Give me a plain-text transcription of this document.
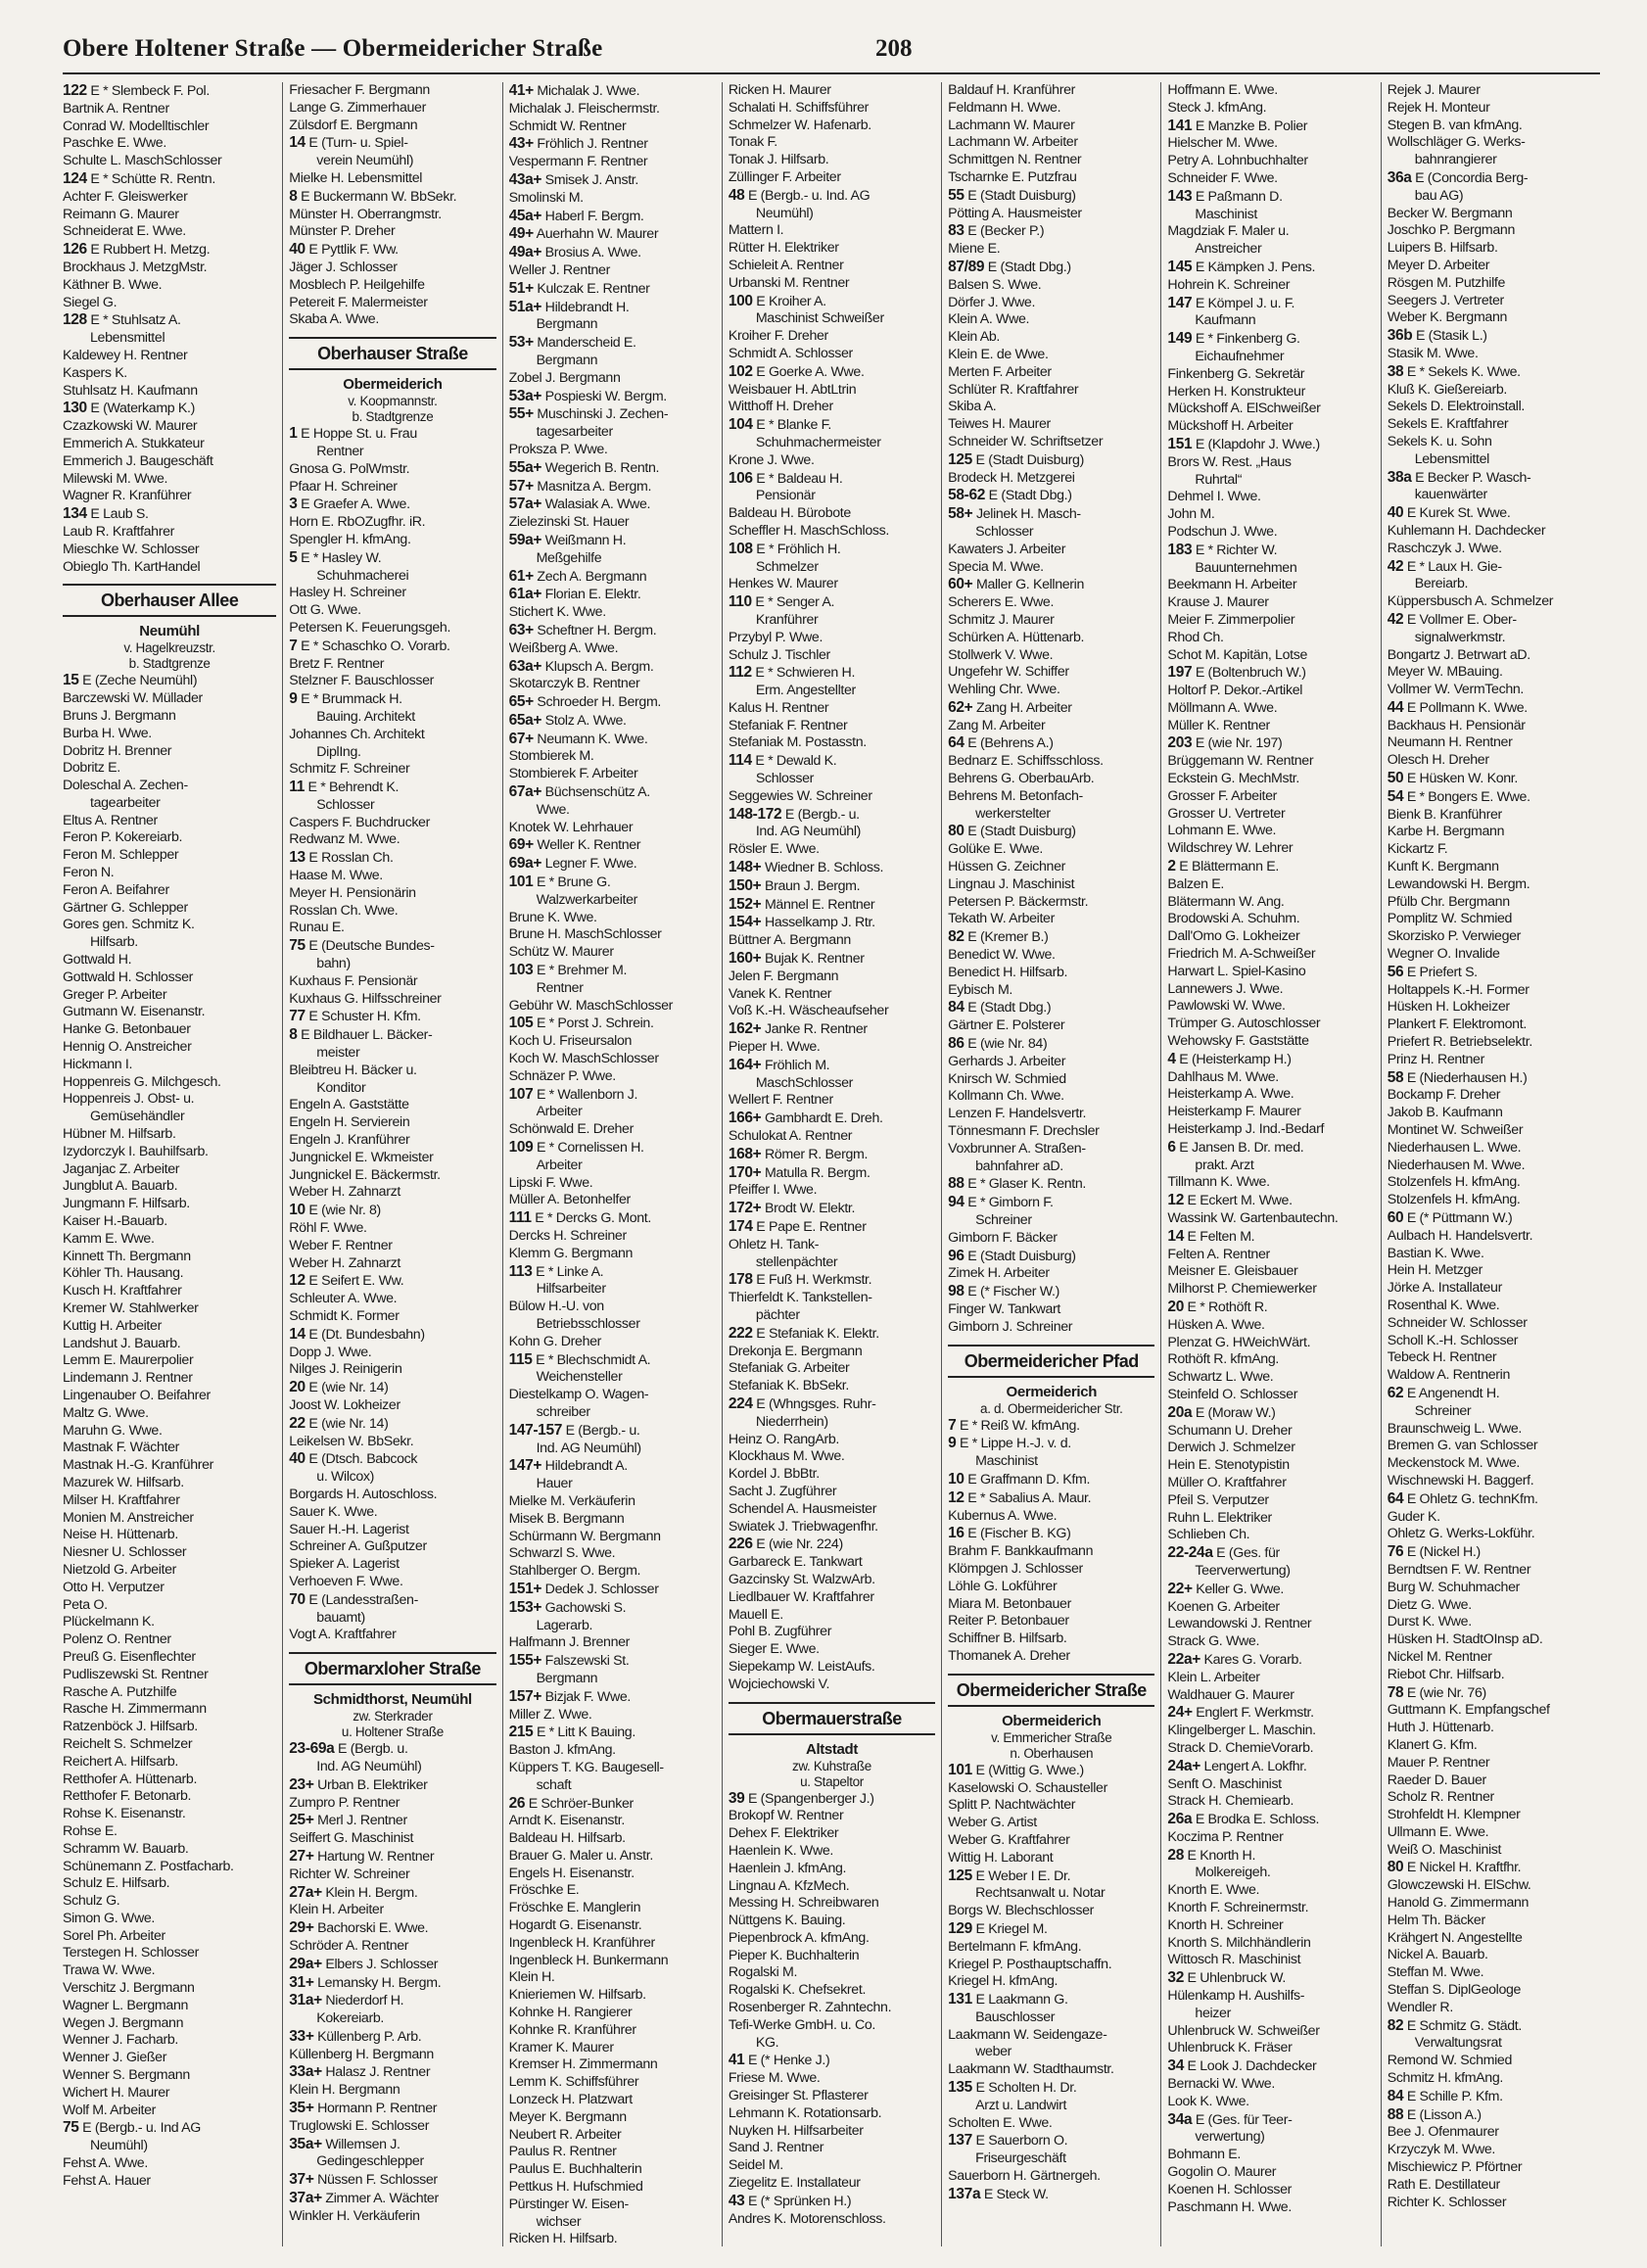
Obere Holtener Straße — Obermeidericher Straße	208
122 E * Slembeck F. Pol.
Bartnik A. Rentner
Conrad W. Modelltischler
Paschke E. Wwe.
Schulte L. MaschSchlosser
124 E * Schütte R. Rentn.
Achter F. Gleiswerker
Reimann G. Maurer
Schneiderat E. Wwe.
126 E Rubbert H. Metzg.
Brockhaus J. MetzgMstr.
Käthner B. Wwe.
Siegel G.
128 E * Stuhlsatz A.
Lebensmittel
Kaldewey H. Rentner
Kaspers K.
Stuhlsatz H. Kaufmann
130 E (Waterkamp K.)
Czazkowski W. Maurer
Emmerich A. Stukkateur
Emmerich J. Baugeschäft
Milewski M. Wwe.
Wagner R. Kranführer
134 E Laub S.
Laub R. Kraftfahrer
Mieschke W. Schlosser
Obieglo Th. KartHandel
Oberhauser Allee
Neumühl
v. Hagelkreuzstr.
b. Stadtgrenze
15 E (Zeche Neumühl)
Barczewski W. Müllader
Bruns J. Bergmann
Burba H. Wwe.
Dobritz H. Brenner
Dobritz E.
Doleschal A. Zechen-
tagearbeiter
Eltus A. Rentner
Feron P. Kokereiarb.
Feron M. Schlepper
Feron N.
Feron A. Beifahrer
Gärtner G. Schlepper
Gores gen. Schmitz K.
Hilfsarb.
Gottwald H.
Gottwald H. Schlosser
Greger P. Arbeiter
Gutmann W. Eisenanstr.
Hanke G. Betonbauer
Hennig O. Anstreicher
Hickmann I.
Hoppenreis G. Milchgesch.
Hoppenreis J. Obst- u.
Gemüsehändler
Hübner M. Hilfsarb.
Izydorczyk I. Bauhilfsarb.
Jaganjac Z. Arbeiter
Jungblut A. Bauarb.
Jungmann F. Hilfsarb.
Kaiser H.-Bauarb.
Kamm E. Wwe.
Kinnett Th. Bergmann
Köhler Th. Hausang.
Kusch H. Kraftfahrer
Kremer W. Stahlwerker
Kuttig H. Arbeiter
Landshut J. Bauarb.
Lemm E. Maurerpolier
Lindemann J. Rentner
Lingenauber O. Beifahrer
Maltz G. Wwe.
Maruhn G. Wwe.
Mastnak F. Wächter
Mastnak H.-G. Kranführer
Mazurek W. Hilfsarb.
Milser H. Kraftfahrer
Monien M. Anstreicher
Neise H. Hüttenarb.
Niesner U. Schlosser
Nietzold G. Arbeiter
Otto H. Verputzer
Peta O.
Plückelmann K.
Polenz O. Rentner
Preuß G. Eisenflechter
Pudliszewski St. Rentner
Rasche A. Putzhilfe
Rasche H. Zimmermann
Ratzenböck J. Hilfsarb.
Reichelt S. Schmelzer
Reichert A. Hilfsarb.
Retthofer A. Hüttenarb.
Retthofer F. Betonarb.
Rohse K. Eisenanstr.
Rohse E.
Schramm W. Bauarb.
Schünemann Z. Postfacharb.
Schulz E. Hilfsarb.
Schulz G.
Simon G. Wwe.
Sorel Ph. Arbeiter
Terstegen H. Schlosser
Trawa W. Wwe.
Verschitz J. Bergmann
Wagner L. Bergmann
Wegen J. Bergmann
Wenner J. Facharb.
Wenner J. Gießer
Wenner S. Bergmann
Wichert H. Maurer
Wolf M. Arbeiter
75 E (Bergb.- u. Ind AG
Neumühl)
Fehst A. Wwe.
Fehst A. Hauer
Friesacher F. Bergmann
Lange G. Zimmerhauer
Zülsdorf E. Bergmann
14 E (Turn- u. Spiel-
verein Neumühl)
Mielke H. Lebensmittel
8 E Buckermann W. BbSekr.
Münster H. Oberrangmstr.
Münster P. Dreher
40 E Pyttlik F. Ww.
Jäger J. Schlosser
Mosblech P. Heilgehilfe
Petereit F. Malermeister
Skaba A. Wwe.
Oberhauser Straße
Obermeiderich
v. Koopmannstr.
b. Stadtgrenze
1 E Hoppe St. u. Frau
Rentner
Gnosa G. PolWmstr.
Pfaar H. Schreiner
3 E Graefer A. Wwe.
Horn E. RbOZugfhr. iR.
Spengler H. kfmAng.
5 E * Hasley W.
Schuhmacherei
Hasley H. Schreiner
Ott G. Wwe.
Petersen K. Feuerungsgeh.
7 E * Schaschko O. Vorarb.
Bretz F. Rentner
Stelzner F. Bauschlosser
9 E * Brummack H.
Bauing. Architekt
Johannes Ch. Architekt
DiplIng.
Schmitz F. Schreiner
11 E * Behrendt K.
Schlosser
Caspers F. Buchdrucker
Redwanz M. Wwe.
13 E Rosslan Ch.
Haase M. Wwe.
Meyer H. Pensionärin
Rosslan Ch. Wwe.
Runau E.
75 E (Deutsche Bundes-
bahn)
Kuxhaus F. Pensionär
Kuxhaus G. Hilfsschreiner
77 E Schuster H. Kfm.
8 E Bildhauer L. Bäcker-
meister
Bleibtreu H. Bäcker u.
Konditor
Engeln A. Gaststätte
Engeln H. Servierein
Engeln J. Kranführer
Jungnickel E. Wkmeister
Jungnickel E. Bäckermstr.
Weber H. Zahnarzt
10 E (wie Nr. 8)
Röhl F. Wwe.
Weber F. Rentner
Weber H. Zahnarzt
12 E Seifert E. Ww.
Schleuter A. Wwe.
Schmidt K. Former
14 E (Dt. Bundesbahn)
Dopp J. Wwe.
Nilges J. Reinigerin
20 E (wie Nr. 14)
Joost W. Lokheizer
22 E (wie Nr. 14)
Leikelsen W. BbSekr.
40 E (Dtsch. Babcock
u. Wilcox)
Borgards H. Autoschloss.
Sauer K. Wwe.
Sauer H.-H. Lagerist
Schreiner A. Gußputzer
Spieker A. Lagerist
Verhoeven F. Wwe.
70 E (Landesstraßen-
bauamt)
Vogt A. Kraftfahrer
Obermarxloher Straße
Schmidthorst, Neumühl
zw. Sterkrader
u. Holtener Straße
23-69a E (Bergb. u.
Ind. AG Neumühl)
23+ Urban B. Elektriker
Zumpro P. Rentner
25+ Merl J. Rentner
Seiffert G. Maschinist
27+ Hartung W. Rentner
Richter W. Schreiner
27a+ Klein H. Bergm.
Klein H. Arbeiter
29+ Bachorski E. Wwe.
Schröder A. Rentner
29a+ Elbers J. Schlosser
31+ Lemansky H. Bergm.
31a+ Niederdorf H.
Kokereiarb.
33+ Küllenberg P. Arb.
Küllenberg H. Bergmann
33a+ Halasz J. Rentner
Klein H. Bergmann
35+ Hormann P. Rentner
Truglowski E. Schlosser
35a+ Willemsen J.
Gedingeschlepper
37+ Nüssen F. Schlosser
37a+ Zimmer A. Wächter
Winkler H. Verkäuferin
41+ Michalak J. Wwe.
Michalak J. Fleischermstr.
Schmidt W. Rentner
43+ Fröhlich J. Rentner
Vespermann F. Rentner
43a+ Smisek J. Anstr.
Smolinski M.
45a+ Haberl F. Bergm.
49+ Auerhahn W. Maurer
49a+ Brosius A. Wwe.
Weller J. Rentner
51+ Kulczak E. Rentner
51a+ Hildebrandt H.
Bergmann
53+ Manderscheid E.
Bergmann
Zobel J. Bergmann
53a+ Pospieski W. Bergm.
55+ Muschinski J. Zechen-
tagesarbeiter
Proksza P. Wwe.
55a+ Wegerich B. Rentn.
57+ Masnitza A. Bergm.
57a+ Walasiak A. Wwe.
Zielezinski St. Hauer
59a+ Weißmann H.
Meßgehilfe
61+ Zech A. Bergmann
61a+ Florian E. Elektr.
Stichert K. Wwe.
63+ Scheftner H. Bergm.
Weißberg A. Wwe.
63a+ Klupsch A. Bergm.
Skotarczyk B. Rentner
65+ Schroeder H. Bergm.
65a+ Stolz A. Wwe.
67+ Neumann K. Wwe.
Stombierek M.
Stombierek F. Arbeiter
67a+ Büchsenschütz A.
Wwe.
Knotek W. Lehrhauer
69+ Weller K. Rentner
69a+ Legner F. Wwe.
101 E * Brune G.
Walzwerkarbeiter
Brune K. Wwe.
Brune H. MaschSchlosser
Schütz W. Maurer
103 E * Brehmer M.
Rentner
Gebühr W. MaschSchlosser
105 E * Porst J. Schrein.
Koch U. Friseursalon
Koch W. MaschSchlosser
Schnäzer P. Wwe.
107 E * Wallenborn J.
Arbeiter
Schönwald E. Dreher
109 E * Cornelissen H.
Arbeiter
Lipski F. Wwe.
Müller A. Betonhelfer
111 E * Dercks G. Mont.
Dercks H. Schreiner
Klemm G. Bergmann
113 E * Linke A.
Hilfsarbeiter
Bülow H.-U. von
Betriebsschlosser
Kohn G. Dreher
115 E * Blechschmidt A.
Weichensteller
Diestelkamp O. Wagen-
schreiber
147-157 E (Bergb.- u.
Ind. AG Neumühl)
147+ Hildebrandt A.
Hauer
Mielke M. Verkäuferin
Misek B. Bergmann
Schürmann W. Bergmann
Schwarzl S. Wwe.
Stahlberger O. Bergm.
151+ Dedek J. Schlosser
153+ Gachowski S.
Lagerarb.
Halfmann J. Brenner
155+ Falszewski St.
Bergmann
157+ Bizjak F. Wwe.
Miller Z. Wwe.
215 E * Litt K Bauing.
Baston J. kfmAng.
Küppers T. KG. Baugesell-
schaft
26 E Schröer-Bunker
Arndt K. Eisenanstr.
Baldeau H. Hilfsarb.
Brauer G. Maler u. Anstr.
Engels H. Eisenanstr.
Fröschke E.
Fröschke E. Manglerin
Hogardt G. Eisenanstr.
Ingenbleck H. Kranführer
Ingenbleck H. Bunkermann
Klein H.
Knieriemen W. Hilfsarb.
Kohnke H. Rangierer
Kohnke R. Kranführer
Kramer K. Maurer
Kremser H. Zimmermann
Lemm K. Schiffsführer
Lonzeck H. Platzwart
Meyer K. Bergmann
Neubert R. Arbeiter
Paulus R. Rentner
Paulus E. Buchhalterin
Pettkus H. Hufschmied
Pürstinger W. Eisen-
wichser
Ricken H. Hilfsarb.
Ricken H. Maurer
Schalati H. Schiffsführer
Schmelzer W. Hafenarb.
Tonak F.
Tonak J. Hilfsarb.
Züllinger F. Arbeiter
48 E (Bergb.- u. Ind. AG
Neumühl)
Mattern I.
Rütter H. Elektriker
Schieleit A. Rentner
Urbanski M. Rentner
100 E Kroiher A.
Maschinist Schweißer
Kroiher F. Dreher
Schmidt A. Schlosser
102 E Goerke A. Wwe.
Weisbauer H. AbtLtrin
Witthoff H. Dreher
104 E * Blanke F.
Schuhmachermeister
Krone J. Wwe.
106 E * Baldeau H.
Pensionär
Baldeau H. Bürobote
Scheffler H. MaschSchloss.
108 E * Fröhlich H.
Schmelzer
Henkes W. Maurer
110 E * Senger A.
Kranführer
Przybyl P. Wwe.
Schulz J. Tischler
112 E * Schwieren H.
Erm. Angestellter
Kalus H. Rentner
Stefaniak F. Rentner
Stefaniak M. Postasstn.
114 E * Dewald K.
Schlosser
Seggewies W. Schreiner
148-172 E (Bergb.- u.
Ind. AG Neumühl)
Rösler E. Wwe.
148+ Wiedner B. Schloss.
150+ Braun J. Bergm.
152+ Männel E. Rentner
154+ Hasselkamp J. Rtr.
Büttner A. Bergmann
160+ Bujak K. Rentner
Jelen F. Bergmann
Vanek K. Rentner
Voß K.-H. Wäscheaufseher
162+ Janke R. Rentner
Pieper H. Wwe.
164+ Fröhlich M.
MaschSchlosser
Wellert F. Rentner
166+ Gambhardt E. Dreh.
Schulokat A. Rentner
168+ Römer R. Bergm.
170+ Matulla R. Bergm.
Pfeiffer I. Wwe.
172+ Brodt W. Elektr.
174 E Pape E. Rentner
Ohletz H. Tank-
stellenpächter
178 E Fuß H. Werkmstr.
Thierfeldt K. Tankstellen-
pächter
222 E Stefaniak K. Elektr.
Drekonja E. Bergmann
Stefaniak G. Arbeiter
Stefaniak K. BbSekr.
224 E (Whngsges. Ruhr-
Niederrhein)
Heinz O. RangArb.
Klockhaus M. Wwe.
Kordel J. BbBtr.
Sacht J. Zugführer
Schendel A. Hausmeister
Swiatek J. Triebwagenfhr.
226 E (wie Nr. 224)
Garbareck E. Tankwart
Gazcinsky St. WalzwArb.
Liedlbauer W. Kraftfahrer
Mauell E.
Pohl B. Zugführer
Sieger E. Wwe.
Siepekamp W. LeistAufs.
Wojciechowski V.
Obermauerstraße
Altstadt
zw. Kuhstraße
u. Stapeltor
39 E (Spangenberger J.)
Brokopf W. Rentner
Dehex F. Elektriker
Haenlein K. Wwe.
Haenlein J. kfmAng.
Lingnau A. KfzMech.
Messing H. Schreibwaren
Nüttgens K. Bauing.
Piepenbrock A. kfmAng.
Pieper K. Buchhalterin
Rogalski M.
Rogalski K. Chefsekret.
Rosenberger R. Zahntechn.
Tefi-Werke GmbH. u. Co.
KG.
41 E (* Henke J.)
Friese M. Wwe.
Greisinger St. Pflasterer
Lehmann K. Rotationsarb.
Nuyken H. Hilfsarbeiter
Sand J. Rentner
Seidel M.
Ziegelitz E. Installateur
43 E (* Sprünken H.)
Andres K. Motorenschloss.
Baldauf H. Kranführer
Feldmann H. Wwe.
Lachmann W. Maurer
Lachmann W. Arbeiter
Schmittgen N. Rentner
Tscharnke E. Putzfrau
55 E (Stadt Duisburg)
Pötting A. Hausmeister
83 E (Becker P.)
Miene E.
87/89 E (Stadt Dbg.)
Balsen S. Wwe.
Dörfer J. Wwe.
Klein A. Wwe.
Klein Ab.
Klein E. de Wwe.
Merten F. Arbeiter
Schlüter R. Kraftfahrer
Skiba A.
Teiwes H. Maurer
Schneider W. Schriftsetzer
125 E (Stadt Duisburg)
Brodeck H. Metzgerei
58-62 E (Stadt Dbg.)
58+ Jelinek H. Masch-
Schlosser
Kawaters J. Arbeiter
Specia M. Wwe.
60+ Maller G. Kellnerin
Scherers E. Wwe.
Schmitz J. Maurer
Schürken A. Hüttenarb.
Stollwerk V. Wwe.
Ungefehr W. Schiffer
Wehling Chr. Wwe.
62+ Zang H. Arbeiter
Zang M. Arbeiter
64 E (Behrens A.)
Bednarz E. Schiffsschloss.
Behrens G. OberbauArb.
Behrens M. Betonfach-
werkerstelter
80 E (Stadt Duisburg)
Golüke E. Wwe.
Hüssen G. Zeichner
Lingnau J. Maschinist
Petersen P. Bäckermstr.
Tekath W. Arbeiter
82 E (Kremer B.)
Benedict W. Wwe.
Benedict H. Hilfsarb.
Eybisch M.
84 E (Stadt Dbg.)
Gärtner E. Polsterer
86 E (wie Nr. 84)
Gerhards J. Arbeiter
Knirsch W. Schmied
Kollmann Ch. Wwe.
Lenzen F. Handelsvertr.
Tönnesmann F. Drechsler
Voxbrunner A. Straßen-
bahnfahrer aD.
88 E * Glaser K. Rentn.
94 E * Gimborn F.
Schreiner
Gimborn F. Bäcker
96 E (Stadt Duisburg)
Zimek H. Arbeiter
98 E (* Fischer W.)
Finger W. Tankwart
Gimborn J. Schreiner
Obermeidericher Pfad
Oermeiderich
a. d. Obermeidericher Str.
7 E * Reiß W. kfmAng.
9 E * Lippe H.-J. v. d.
Maschinist
10 E Graffmann D. Kfm.
12 E * Sabalius A. Maur.
Kubernus A. Wwe.
16 E (Fischer B. KG)
Brahm F. Bankkaufmann
Klömpgen J. Schlosser
Löhle G. Lokführer
Miara M. Betonbauer
Reiter P. Betonbauer
Schiffner B. Hilfsarb.
Thomanek A. Dreher
Obermeidericher Straße
Obermeiderich
v. Emmericher Straße
n. Oberhausen
101 E (Wittig G. Wwe.)
Kaselowski O. Schausteller
Splitt P. Nachtwächter
Weber G. Artist
Weber G. Kraftfahrer
Wittig H. Laborant
125 E Weber I E. Dr.
Rechtsanwalt u. Notar
Borgs W. Blechschlosser
129 E Kriegel M.
Bertelmann F. kfmAng.
Kriegel P. Posthauptschaffn.
Kriegel H. kfmAng.
131 E Laakmann G.
Bauschlosser
Laakmann W. Seidengaze-
weber
Laakmann W. Stadthaumstr.
135 E Scholten H. Dr.
Arzt u. Landwirt
Scholten E. Wwe.
137 E Sauerborn O.
Friseurgeschäft
Sauerborn H. Gärtnergeh.
137a E Steck W.
Hoffmann E. Wwe.
Steck J. kfmAng.
141 E Manzke B. Polier
Hielscher M. Wwe.
Petry A. Lohnbuchhalter
Schneider F. Wwe.
143 E Paßmann D.
Maschinist
Magdziak F. Maler u.
Anstreicher
145 E Kämpken J. Pens.
Hohrein K. Schreiner
147 E Kömpel J. u. F.
Kaufmann
149 E * Finkenberg G.
Eichaufnehmer
Finkenberg G. Sekretär
Herken H. Konstrukteur
Mückshoff A. ElSchweißer
Mückshoff H. Arbeiter
151 E (Klapdohr J. Wwe.)
Brors W. Rest. „Haus
Ruhrtal“
Dehmel I. Wwe.
John M.
Podschun J. Wwe.
183 E * Richter W.
Bauunternehmen
Beekmann H. Arbeiter
Krause J. Maurer
Meier F. Zimmerpolier
Rhod Ch.
Schot M. Kapitän, Lotse
197 E (Boltenbruch W.)
Holtorf P. Dekor.-Artikel
Möllmann A. Wwe.
Müller K. Rentner
203 E (wie Nr. 197)
Brüggemann W. Rentner
Eckstein G. MechMstr.
Grosser F. Arbeiter
Grosser U. Vertreter
Lohmann E. Wwe.
Wildschrey W. Lehrer
2 E Blättermann E.
Balzen E.
Blätermann W. Ang.
Brodowski A. Schuhm.
Dall'Omo G. Lokheizer
Friedrich M. A-Schweißer
Harwart L. Spiel-Kasino
Lannewers J. Wwe.
Pawlowski W. Wwe.
Trümper G. Autoschlosser
Wehowsky F. Gaststätte
4 E (Heisterkamp H.)
Dahlhaus M. Wwe.
Heisterkamp A. Wwe.
Heisterkamp F. Maurer
Heisterkamp J. Ind.-Bedarf
6 E Jansen B. Dr. med.
prakt. Arzt
Tillmann K. Wwe.
12 E Eckert M. Wwe.
Wassink W. Gartenbautechn.
14 E Felten M.
Felten A. Rentner
Meisner E. Gleisbauer
Milhorst P. Chemiewerker
20 E * Rothöft R.
Hüsken A. Wwe.
Plenzat G. HWeichWärt.
Rothöft R. kfmAng.
Schwartz L. Wwe.
Steinfeld O. Schlosser
20a E (Moraw W.)
Schumann U. Dreher
Derwich J. Schmelzer
Hein E. Stenotypistin
Müller O. Kraftfahrer
Pfeil S. Verputzer
Ruhn L. Elektriker
Schlieben Ch.
22-24a E (Ges. für
Teerverwertung)
22+ Keller G. Wwe.
Koenen G. Arbeiter
Lewandowski J. Rentner
Strack G. Wwe.
22a+ Kares G. Vorarb.
Klein L. Arbeiter
Waldhauer G. Maurer
24+ Englert F. Werkmstr.
Klingelberger L. Maschin.
Strack D. ChemieVorarb.
24a+ Lengert A. Lokfhr.
Senft O. Maschinist
Strack H. Chemiearb.
26a E Brodka E. Schloss.
Koczima P. Rentner
28 E Knorth H.
Molkereigeh.
Knorth E. Wwe.
Knorth F. Schreinermstr.
Knorth H. Schreiner
Knorth S. Milchhändlerin
Wittosch R. Maschinist
32 E Uhlenbruck W.
Hülenkamp H. Aushilfs-
heizer
Uhlenbruck W. Schweißer
Uhlenbruck K. Fräser
34 E Look J. Dachdecker
Bernacki W. Wwe.
Look K. Wwe.
34a E (Ges. für Teer-
verwertung)
Bohmann E.
Gogolin O. Maurer
Koenen H. Schlosser
Paschmann H. Wwe.
Rejek J. Maurer
Rejek H. Monteur
Stegen B. van kfmAng.
Wollschläger G. Werks-
bahnrangierer
36a E (Concordia Berg-
bau AG)
Becker W. Bergmann
Joschko P. Bergmann
Luipers B. Hilfsarb.
Meyer D. Arbeiter
Rösgen M. Putzhilfe
Seegers J. Vertreter
Weber K. Bergmann
36b E (Stasik L.)
Stasik M. Wwe.
38 E * Sekels K. Wwe.
Kluß K. Gießereiarb.
Sekels D. Elektroinstall.
Sekels E. Kraftfahrer
Sekels K. u. Sohn
Lebensmittel
38a E Becker P. Wasch-
kauenwärter
40 E Kurek St. Wwe.
Kuhlemann H. Dachdecker
Raschczyk J. Wwe.
42 E * Laux H. Gie-
Bereiarb.
Küppersbusch A. Schmelzer
42 E Vollmer E. Ober-
signalwerkmstr.
Bongartz J. Betrwart aD.
Meyer W. MBauing.
Vollmer W. VermTechn.
44 E Pollmann K. Wwe.
Backhaus H. Pensionär
Neumann H. Rentner
Olesch H. Dreher
50 E Hüsken W. Konr.
54 E * Bongers E. Wwe.
Bienk B. Kranführer
Karbe H. Bergmann
Kickartz F.
Kunft K. Bergmann
Lewandowski H. Bergm.
Pfülb Chr. Bergmann
Pomplitz W. Schmied
Skorzisko P. Verwieger
Wegner O. Invalide
56 E Priefert S.
Holtappels K.-H. Former
Hüsken H. Lokheizer
Plankert F. Elektromont.
Priefert R. Betriebselektr.
Prinz H. Rentner
58 E (Niederhausen H.)
Bockamp F. Dreher
Jakob B. Kaufmann
Montinet W. Schweißer
Niederhausen L. Wwe.
Niederhausen M. Wwe.
Stolzenfels H. kfmAng.
Stolzenfels H. kfmAng.
60 E (* Püttmann W.)
Aulbach H. Handelsvertr.
Bastian K. Wwe.
Hein H. Metzger
Jörke A. Installateur
Rosenthal K. Wwe.
Schneider W. Schlosser
Scholl K.-H. Schlosser
Tebeck H. Rentner
Waldow A. Rentnerin
62 E Angenendt H.
Schreiner
Braunschweig L. Wwe.
Bremen G. van Schlosser
Meckenstock M. Wwe.
Wischnewski H. Baggerf.
64 E Ohletz G. technKfm.
Guder K.
Ohletz G. Werks-Lokführ.
76 E (Nickel H.)
Berndtsen F. W. Rentner
Burg W. Schuhmacher
Dietz G. Wwe.
Durst K. Wwe.
Hüsken H. StadtOInsp aD.
Nickel M. Rentner
Riebot Chr. Hilfsarb.
78 E (wie Nr. 76)
Guttmann K. Empfangschef
Huth J. Hüttenarb.
Klanert G. Kfm.
Mauer P. Rentner
Raeder D. Bauer
Scholz R. Rentner
Strohfeldt H. Klempner
Ullmann E. Wwe.
Weiß O. Maschinist
80 E Nickel H. Kraftfhr.
Glowczewski H. ElSchw.
Hanold G. Zimmermann
Helm Th. Bäcker
Krähgert N. Angestellte
Nickel A. Bauarb.
Steffan M. Wwe.
Steffan S. DiplGeologe
Wendler R.
82 E Schmitz G. Städt.
Verwaltungsrat
Remond W. Schmied
Schmitz H. kfmAng.
84 E Schille P. Kfm.
88 E (Lisson A.)
Bee J. Ofenmaurer
Krzyczyk M. Wwe.
Mischiewicz P. Pförtner
Rath E. Destillateur
Richter K. Schlosser
